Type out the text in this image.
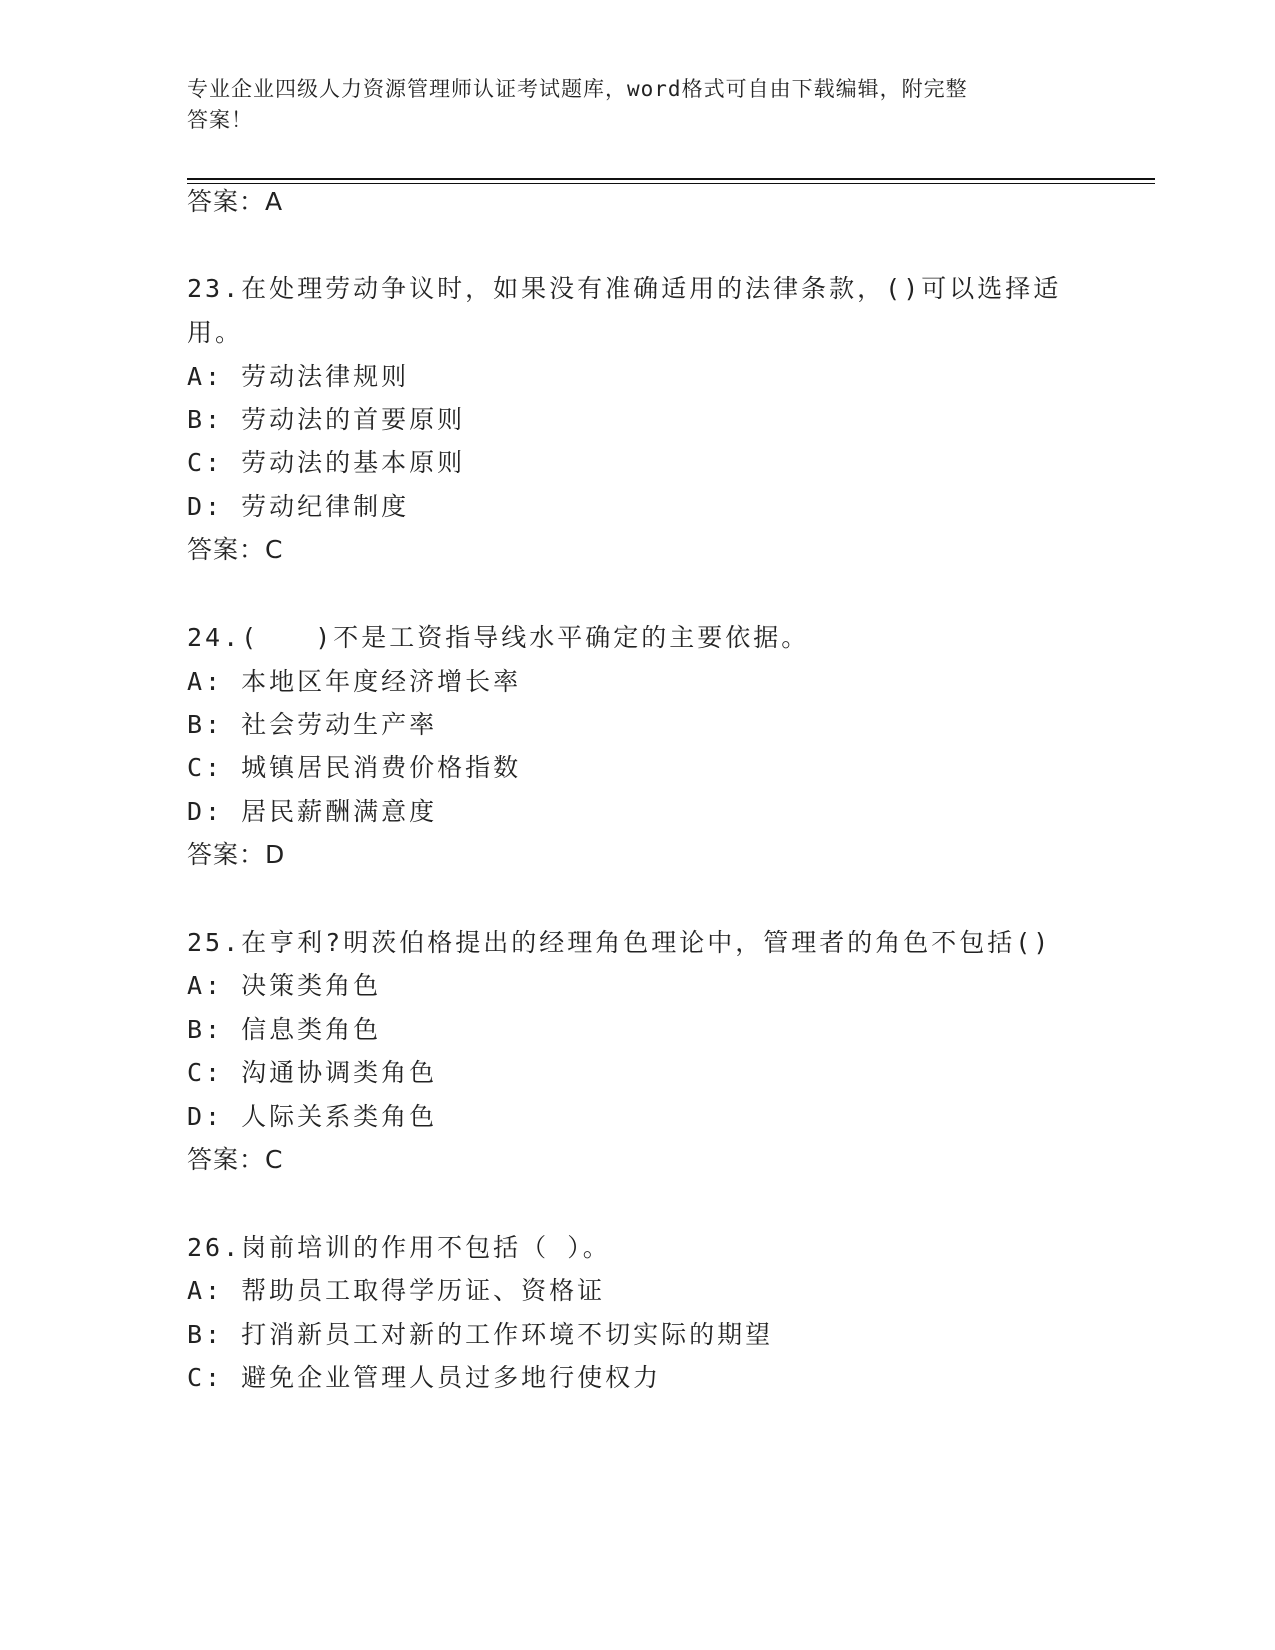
专业企业四级人力资源管理师认证考试题库，word格式可自由下载编辑，附完整
答案！
答案：A
23.在处理劳动争议时，如果没有准确适用的法律条款，()可以选择适
用。
A: 劳动法律规则
B: 劳动法的首要原则
C: 劳动法的基本原则
D: 劳动纪律制度
答案：C
24.(　　)不是工资指导线水平确定的主要依据。
A: 本地区年度经济增长率
B: 社会劳动生产率
C: 城镇居民消费价格指数
D: 居民薪酬满意度
答案：D
25.在亨利?明茨伯格提出的经理角色理论中，管理者的角色不包括()
A: 决策类角色
B: 信息类角色
C: 沟通协调类角色
D: 人际关系类角色
答案：C
26.岗前培训的作用不包括（ ）。
A: 帮助员工取得学历证、资格证
B: 打消新员工对新的工作环境不切实际的期望
C: 避免企业管理人员过多地行使权力
